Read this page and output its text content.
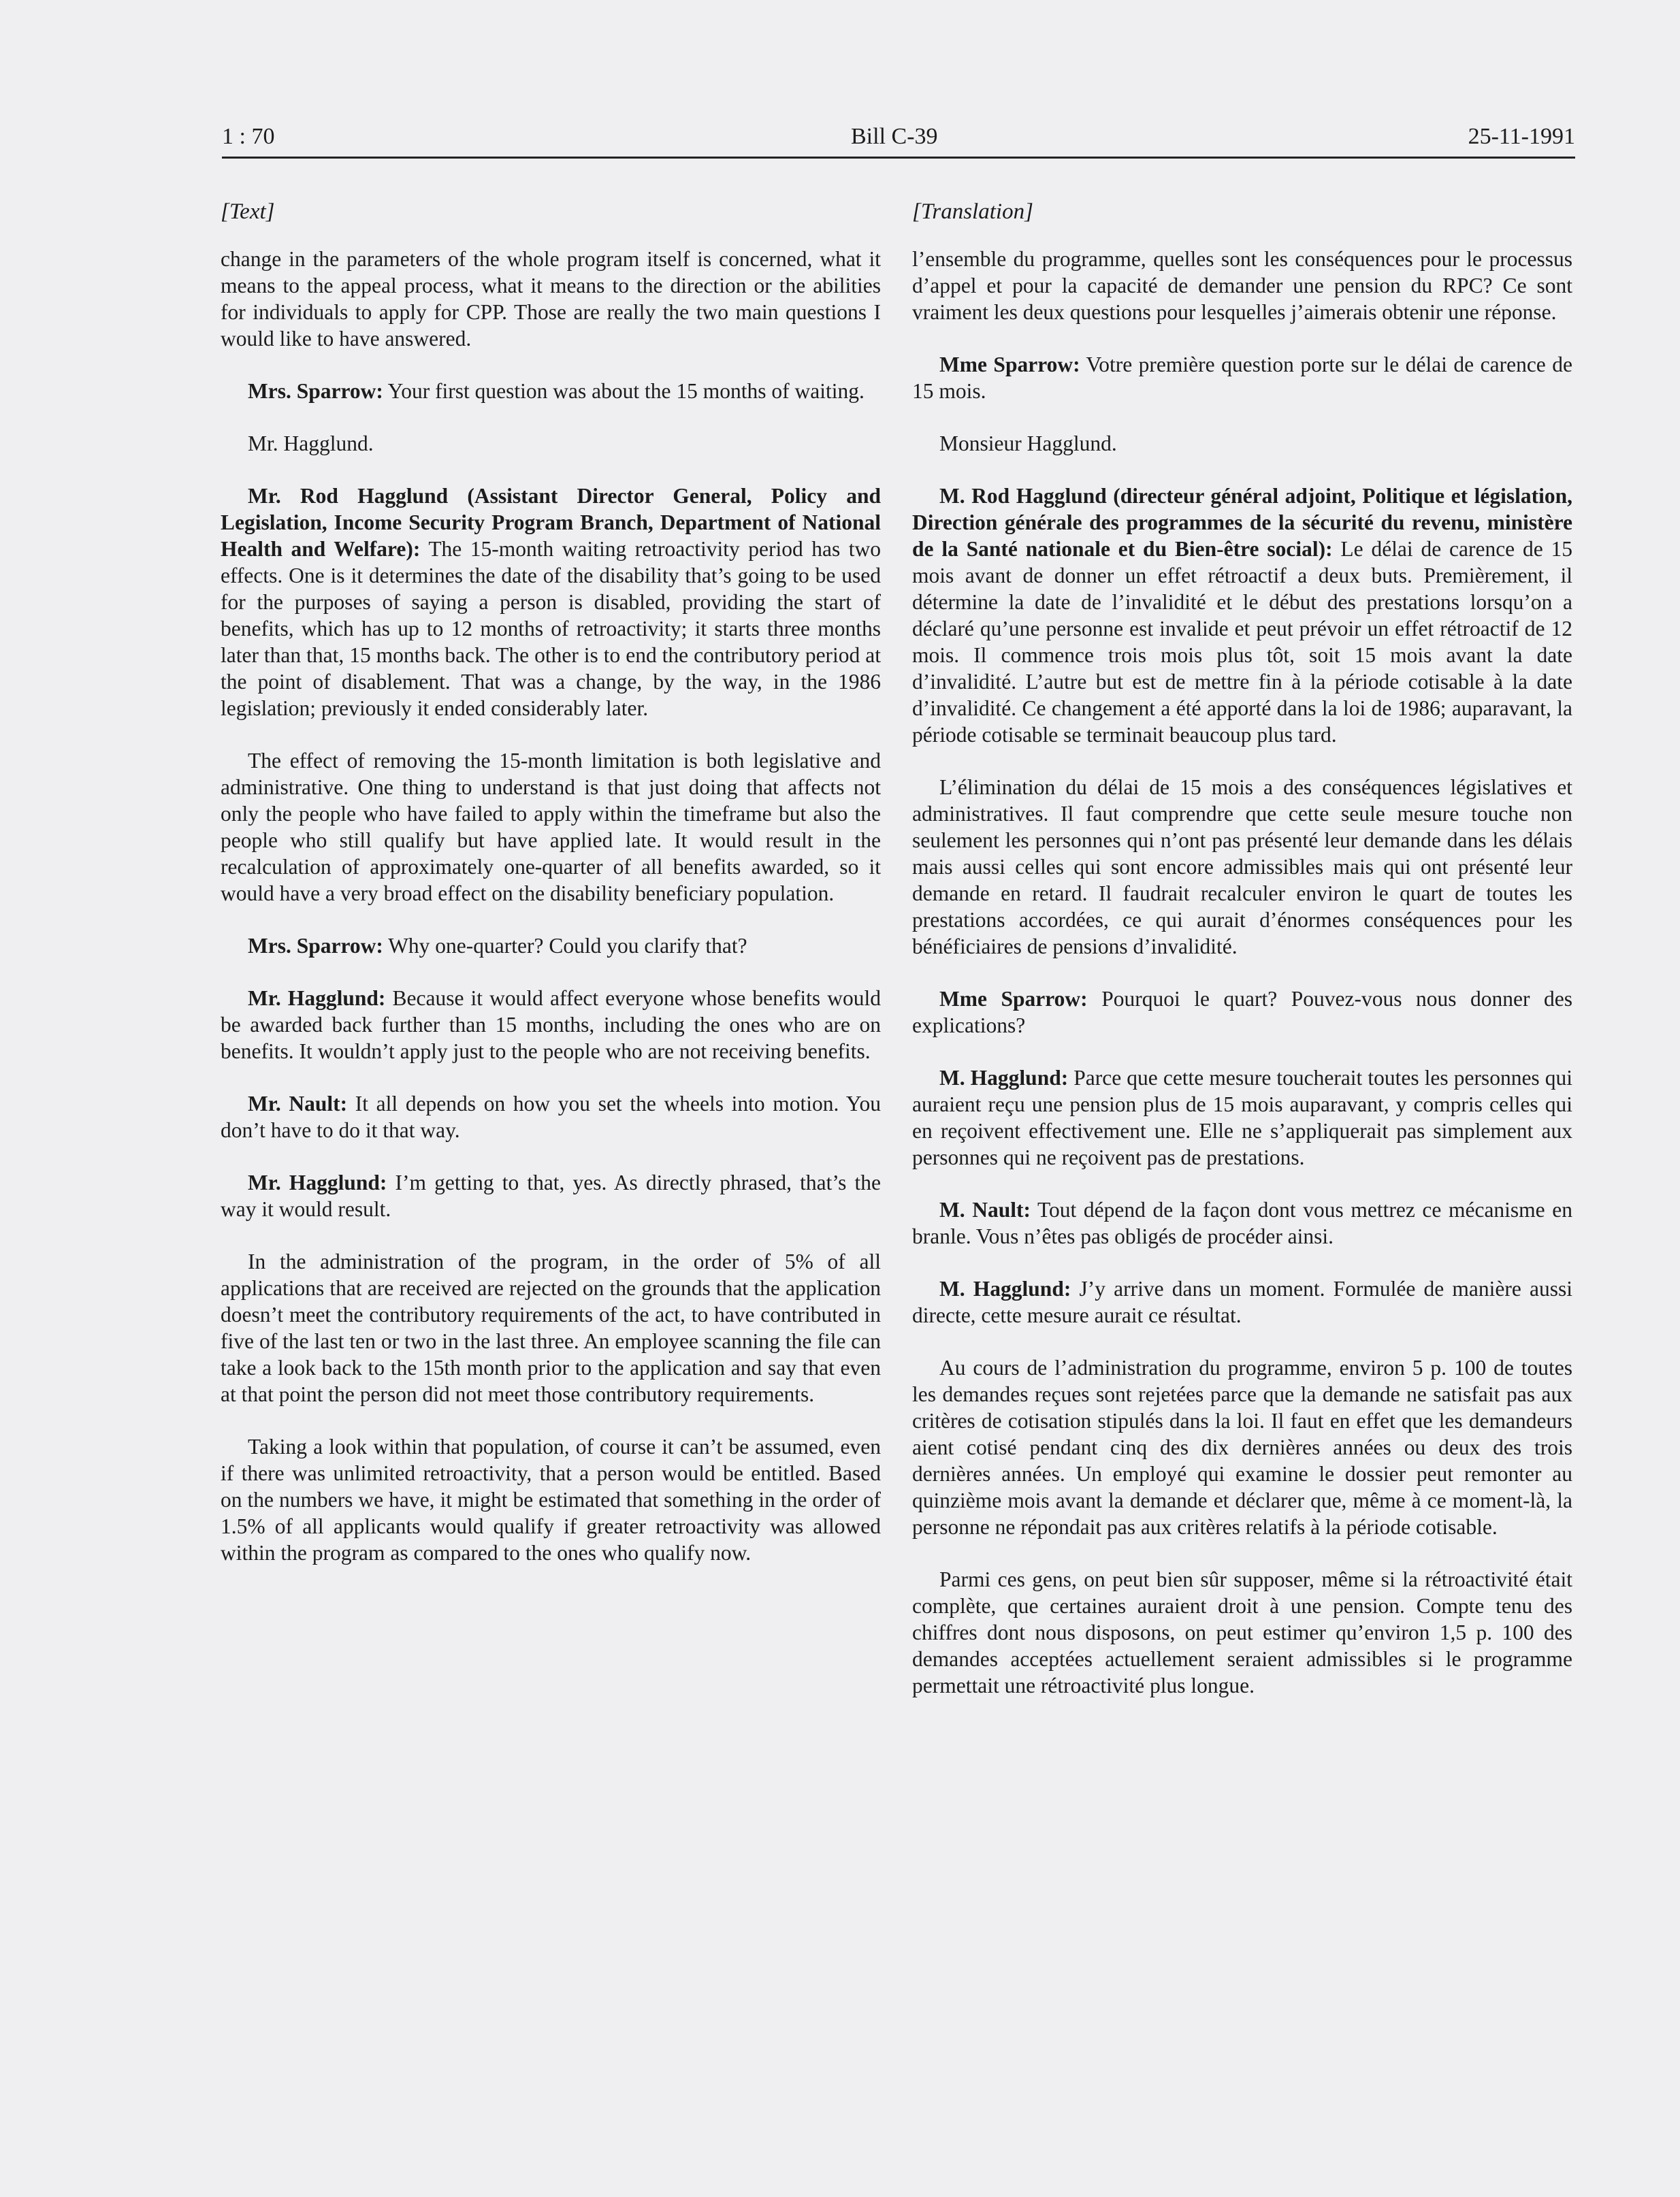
1 : 70	Bill C-39	25-11-1991
[Text]

change in the parameters of the whole program itself is concerned, what it means to the appeal process, what it means to the direction or the abilities for individuals to apply for CPP. Those are really the two main questions I would like to have answered.

Mrs. Sparrow: Your first question was about the 15 months of waiting.

Mr. Hagglund.

Mr. Rod Hagglund (Assistant Director General, Policy and Legislation, Income Security Program Branch, Department of National Health and Welfare): The 15-month waiting retroactivity period has two effects. One is it determines the date of the disability that’s going to be used for the purposes of saying a person is disabled, providing the start of benefits, which has up to 12 months of retroactivity; it starts three months later than that, 15 months back. The other is to end the contributory period at the point of disablement. That was a change, by the way, in the 1986 legislation; previously it ended considerably later.

The effect of removing the 15-month limitation is both legislative and administrative. One thing to understand is that just doing that affects not only the people who have failed to apply within the timeframe but also the people who still qualify but have applied late. It would result in the recalculation of approximately one-quarter of all benefits awarded, so it would have a very broad effect on the disability beneficiary population.

Mrs. Sparrow: Why one-quarter? Could you clarify that?

Mr. Hagglund: Because it would affect everyone whose benefits would be awarded back further than 15 months, including the ones who are on benefits. It wouldn’t apply just to the people who are not receiving benefits.

Mr. Nault: It all depends on how you set the wheels into motion. You don’t have to do it that way.

Mr. Hagglund: I’m getting to that, yes. As directly phrased, that’s the way it would result.

In the administration of the program, in the order of 5% of all applications that are received are rejected on the grounds that the application doesn’t meet the contributory requirements of the act, to have contributed in five of the last ten or two in the last three. An employee scanning the file can take a look back to the 15th month prior to the application and say that even at that point the person did not meet those contributory requirements.

Taking a look within that population, of course it can’t be assumed, even if there was unlimited retroactivity, that a person would be entitled. Based on the numbers we have, it might be estimated that something in the order of 1.5% of all applicants would qualify if greater retroactivity was allowed within the program as compared to the ones who qualify now.

[Translation]

l’ensemble du programme, quelles sont les conséquences pour le processus d’appel et pour la capacité de demander une pension du RPC? Ce sont vraiment les deux questions pour lesquelles j’aimerais obtenir une réponse.

Mme Sparrow: Votre première question porte sur le délai de carence de 15 mois.

Monsieur Hagglund.

M. Rod Hagglund (directeur général adjoint, Politique et législation, Direction générale des programmes de la sécurité du revenu, ministère de la Santé nationale et du Bien-être social): Le délai de carence de 15 mois avant de donner un effet rétroactif a deux buts. Premièrement, il détermine la date de l’invalidité et le début des prestations lorsqu’on a déclaré qu’une personne est invalide et peut prévoir un effet rétroactif de 12 mois. Il commence trois mois plus tôt, soit 15 mois avant la date d’invalidité. L’autre but est de mettre fin à la période cotisable à la date d’invalidité. Ce changement a été apporté dans la loi de 1986; auparavant, la période cotisable se terminait beaucoup plus tard.

L’élimination du délai de 15 mois a des conséquences législatives et administratives. Il faut comprendre que cette seule mesure touche non seulement les personnes qui n’ont pas présenté leur demande dans les délais mais aussi celles qui sont encore admissibles mais qui ont présenté leur demande en retard. Il faudrait recalculer environ le quart de toutes les prestations accordées, ce qui aurait d’énormes conséquences pour les bénéficiaires de pensions d’invalidité.

Mme Sparrow: Pourquoi le quart? Pouvez-vous nous donner des explications?

M. Hagglund: Parce que cette mesure toucherait toutes les personnes qui auraient reçu une pension plus de 15 mois auparavant, y compris celles qui en reçoivent effectivement une. Elle ne s’appliquerait pas simplement aux personnes qui ne reçoivent pas de prestations.

M. Nault: Tout dépend de la façon dont vous mettrez ce mécanisme en branle. Vous n’êtes pas obligés de procéder ainsi.

M. Hagglund: J’y arrive dans un moment. Formulée de manière aussi directe, cette mesure aurait ce résultat.

Au cours de l’administration du programme, environ 5 p. 100 de toutes les demandes reçues sont rejetées parce que la demande ne satisfait pas aux critères de cotisation stipulés dans la loi. Il faut en effet que les demandeurs aient cotisé pendant cinq des dix dernières années ou deux des trois dernières années. Un employé qui examine le dossier peut remonter au quinzième mois avant la demande et déclarer que, même à ce moment-là, la personne ne répondait pas aux critères relatifs à la période cotisable.

Parmi ces gens, on peut bien sûr supposer, même si la rétroactivité était complète, que certaines auraient droit à une pension. Compte tenu des chiffres dont nous disposons, on peut estimer qu’environ 1,5 p. 100 des demandes acceptées actuellement seraient admissibles si le programme permettait une rétroactivité plus longue.
